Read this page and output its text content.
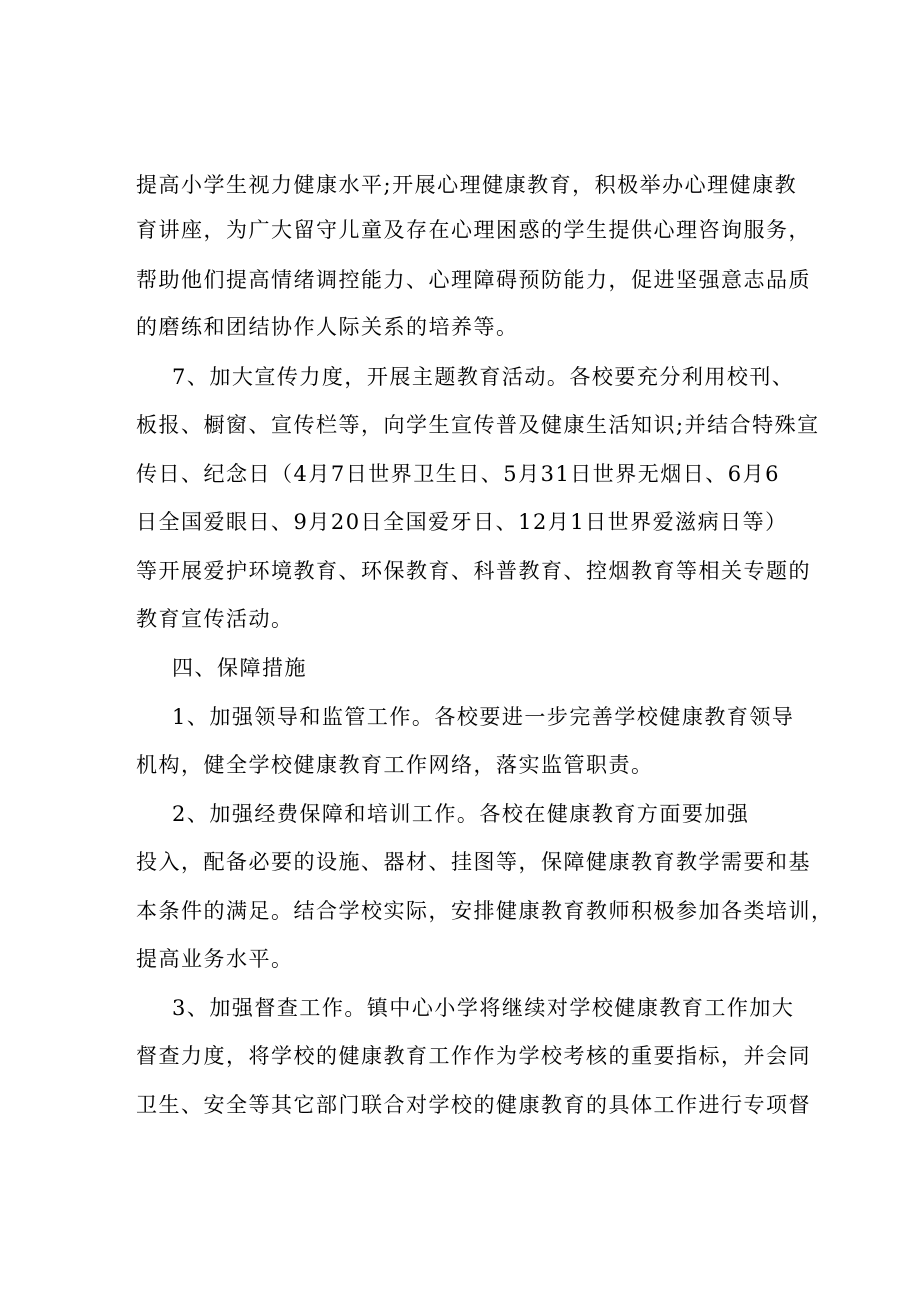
提高小学生视力健康水平;开展心理健康教育，积极举办心理健康教
育讲座，为广大留守儿童及存在心理困惑的学生提供心理咨询服务，
帮助他们提高情绪调控能力、心理障碍预防能力，促进坚强意志品质
的磨练和团结协作人际关系的培养等。
7、加大宣传力度，开展主题教育活动。各校要充分利用校刊、
板报、橱窗、宣传栏等，向学生宣传普及健康生活知识;并结合特殊宣
传日、纪念日（4月7日世界卫生日、5月31日世界无烟日、6月6
日全国爱眼日、9月20日全国爱牙日、12月1日世界爱滋病日等）
等开展爱护环境教育、环保教育、科普教育、控烟教育等相关专题的
教育宣传活动。
四、保障措施
1、加强领导和监管工作。各校要进一步完善学校健康教育领导
机构，健全学校健康教育工作网络，落实监管职责。
2、加强经费保障和培训工作。各校在健康教育方面要加强
投入，配备必要的设施、器材、挂图等，保障健康教育教学需要和基
本条件的满足。结合学校实际，安排健康教育教师积极参加各类培训，
提高业务水平。
3、加强督查工作。镇中心小学将继续对学校健康教育工作加大
督查力度，将学校的健康教育工作作为学校考核的重要指标，并会同
卫生、安全等其它部门联合对学校的健康教育的具体工作进行专项督
